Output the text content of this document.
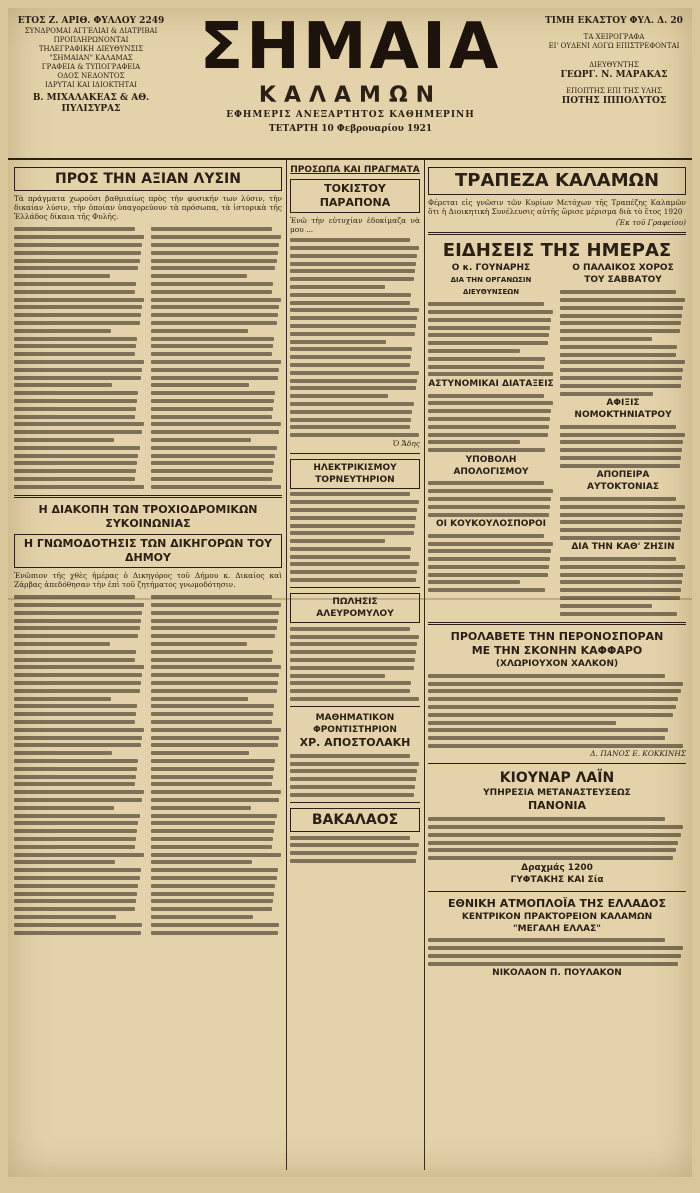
ΕΤΟΣ Ζ. ΑΡΙΘ. ΦΥΛΛΟΥ 2249
ΣΥΝΔΡΟΜΑΙ ΑΓΓΕΛΙΑΙ & ΔΙΑΤΡΙΒΑΙ
ΠΡΟΠΛΗΡΩΝΟΝΤΑΙ
ΤΗΛΕΓΡΑΦΙΚΗ ΔΙΕΥΘΥΝΣΙΣ
"ΣΗΜΑΙΑΝ" ΚΑΛΑΜΑΣ
ΓΡΑΦΕΙΑ & ΤΥΠΟΓΡΑΦΕΙΑ
ΟΔΟΣ ΝΕΔΟΝΤΟΣ
ΙΔΡΥΤΑΙ ΚΑΙ ΙΔΙΟΚΤΗΤΑΙ
Β. ΜΙΧΑΛΑΚΕΑΣ & ΑΘ. ΠΥΛΙΣΥΡΑΣ
ΣΗΜΑΙΑ
ΚΑΛΑΜΩΝ
ΕΦΗΜΕΡΙΣ ΑΝΕΞΑΡΤΗΤΟΣ ΚΑΘΗΜΕΡΙΝΗ
ΤΕΤΑΡΤΗ 10 Φεβρουαρίου 1921
ΤΙΜΗ ΕΚΑΣΤΟΥ ΦΥΛ. Δ. 20
ΤΑ ΧΕΙΡΟΓΡΑΦΑ
ΕΙ' ΟΥΔΕΝΙ ΛΟΓΩ ΕΠΙΣΤΡΕΦΟΝΤΑΙ
ΔΙΕΥΘΥΝΤΗΣ
ΓΕΩΡΓ. Ν. ΜΑΡΑΚΑΣ
ΕΠΟΠΤΗΣ ΕΠΙ ΤΗΣ ΥΛΗΣ
ΠΟΤΗΣ ΙΠΠΟΛΥΤΟΣ
ΠΡΟΣ ΤΗΝ ΑΞΙΑΝ ΛΥΣΙΝ
Τὰ πράγματα χωροῦσι βαθμιαίως πρὸς τὴν φυσικήν των λύσιν, τὴν δικαίαν λύσιν, τὴν ὁποίαν ὑπαγορεύουν τὰ πρόσωπα, τὰ ἱστορικὰ τῆς Ἑλλάδος δίκαια τῆς Φυλῆς.
Η ΔΙΑΚΟΠΗ ΤΩΝ ΤΡΟΧΙΟΔΡΟΜΙΚΩΝ ΣΥΚΟΙΝΩΝΙΑΣ
Η ΓΝΩΜΟΔΟΤΗΣΙΣ ΤΩΝ ΔΙΚΗΓΟΡΩΝ ΤΟΥ ΔΗΜΟΥ
Ἐνῶπιον τῆς χθὲς ἡμέρας ὁ Δικηγόρος τοῦ Δήμου κ. Δικαίος καὶ Ζάρβας ἀπεδόθησαν τὴν ἐπὶ τοῦ ζητήματος γνωμοδότησιν.
ΠΡΟΣΩΠΑ ΚΑΙ ΠΡΑΓΜΑΤΑ
ΤΟΚΙΣΤΟΥ ΠΑΡΑΠΟΝΑ
Ἐνῶ τὴν εὐτυχίαν ἐδοκίμαζα νὰ μου ...
Ὁ Ἄδης
ΗΛΕΚΤΡΙΚΙΣΜΟΥ ΤΟΡΝΕΥΤΗΡΙΟΝ
ΠΩΛΗΣΙΣ ΑΛΕΥΡΟΜΥΛΟΥ
ΜΑΘΗΜΑΤΙΚΟΝ ΦΡΟΝΤΙΣΤΗΡΙΟΝ
ΧΡ. ΑΠΟΣΤΟΛΑΚΗ
ΒΑΚΑΛΑΟΣ
ΤΡΑΠΕΖΑ ΚΑΛΑΜΩΝ
Φέρεται εἰς γνῶσιν τῶν Κυρίων Μετόχων τῆς Τραπέζης Καλαμῶν ὅτι ἡ Διοικητικὴ Συνέλευσις αὐτῆς ὥρισε μέρισμα διὰ τὸ ἔτος 1920
(Ἐκ τοῦ Γραφείου)
ΕΙΔΗΣΕΙΣ ΤΗΣ ΗΜΕΡΑΣ
Ο κ. ΓΟΥΝΑΡΗΣ
ΔΙΑ ΤΗΝ ΟΡΓΑΝΩΣΙΝ ΔΙΕΥΘΥΝΣΕΩΝ
ΑΣΤΥΝΟΜΙΚΑΙ ΔΙΑΤΑΞΕΙΣ
ΥΠΟΒΟΛΗ ΑΠΟΛΟΓΙΣΜΟΥ
ΟΙ ΚΟΥΚΟΥΛΟΣΠΟΡΟΙ
Ο ΠΑΛΑΙΚΟΣ ΧΟΡΟΣ
ΤΟΥ ΣΑΒΒΑΤΟΥ
ΑΦΙΞΙΣ ΝΟΜΟΚΤΗΝΙΑΤΡΟΥ
ΑΠΟΠΕΙΡΑ ΑΥΤΟΚΤΟΝΙΑΣ
ΔΙΑ ΤΗΝ ΚΑΘ' ΖΗΣΙΝ
ΠΡΟΛΑΒΕΤΕ ΤΗΝ ΠΕΡΟΝΟΣΠΟΡΑΝ
ΜΕ ΤΗΝ ΣΚΟΝΗΝ ΚΑΦΦΑΡΟ
(ΧΛΩΡΙΟΥΧΟΝ ΧΑΛΚΟΝ)
Δ. ΠΑΝΟΣ Ε. ΚΟΚΚΙΝΗΣ
ΚΙΟΥΝΑΡ ΛΑΪΝ
ΥΠΗΡΕΣΙΑ ΜΕΤΑΝΑΣΤΕΥΣΕΩΣ
ΠΑΝΟΝΙΑ
Δραχμάς 1200
ΓΥΦΤΑΚΗΣ ΚΑΙ Σία
ΕΘΝΙΚΗ ΑΤΜΟΠΛΟΪΑ ΤΗΣ ΕΛΛΑΔΟΣ
ΚΕΝΤΡΙΚΟΝ ΠΡΑΚΤΟΡΕΙΟΝ ΚΑΛΑΜΩΝ
"ΜΕΓΑΛΗ ΕΛΛΑΣ"
ΝΙΚΟΛΑΟΝ Π. ΠΟΥΛΑΚΟΝ
